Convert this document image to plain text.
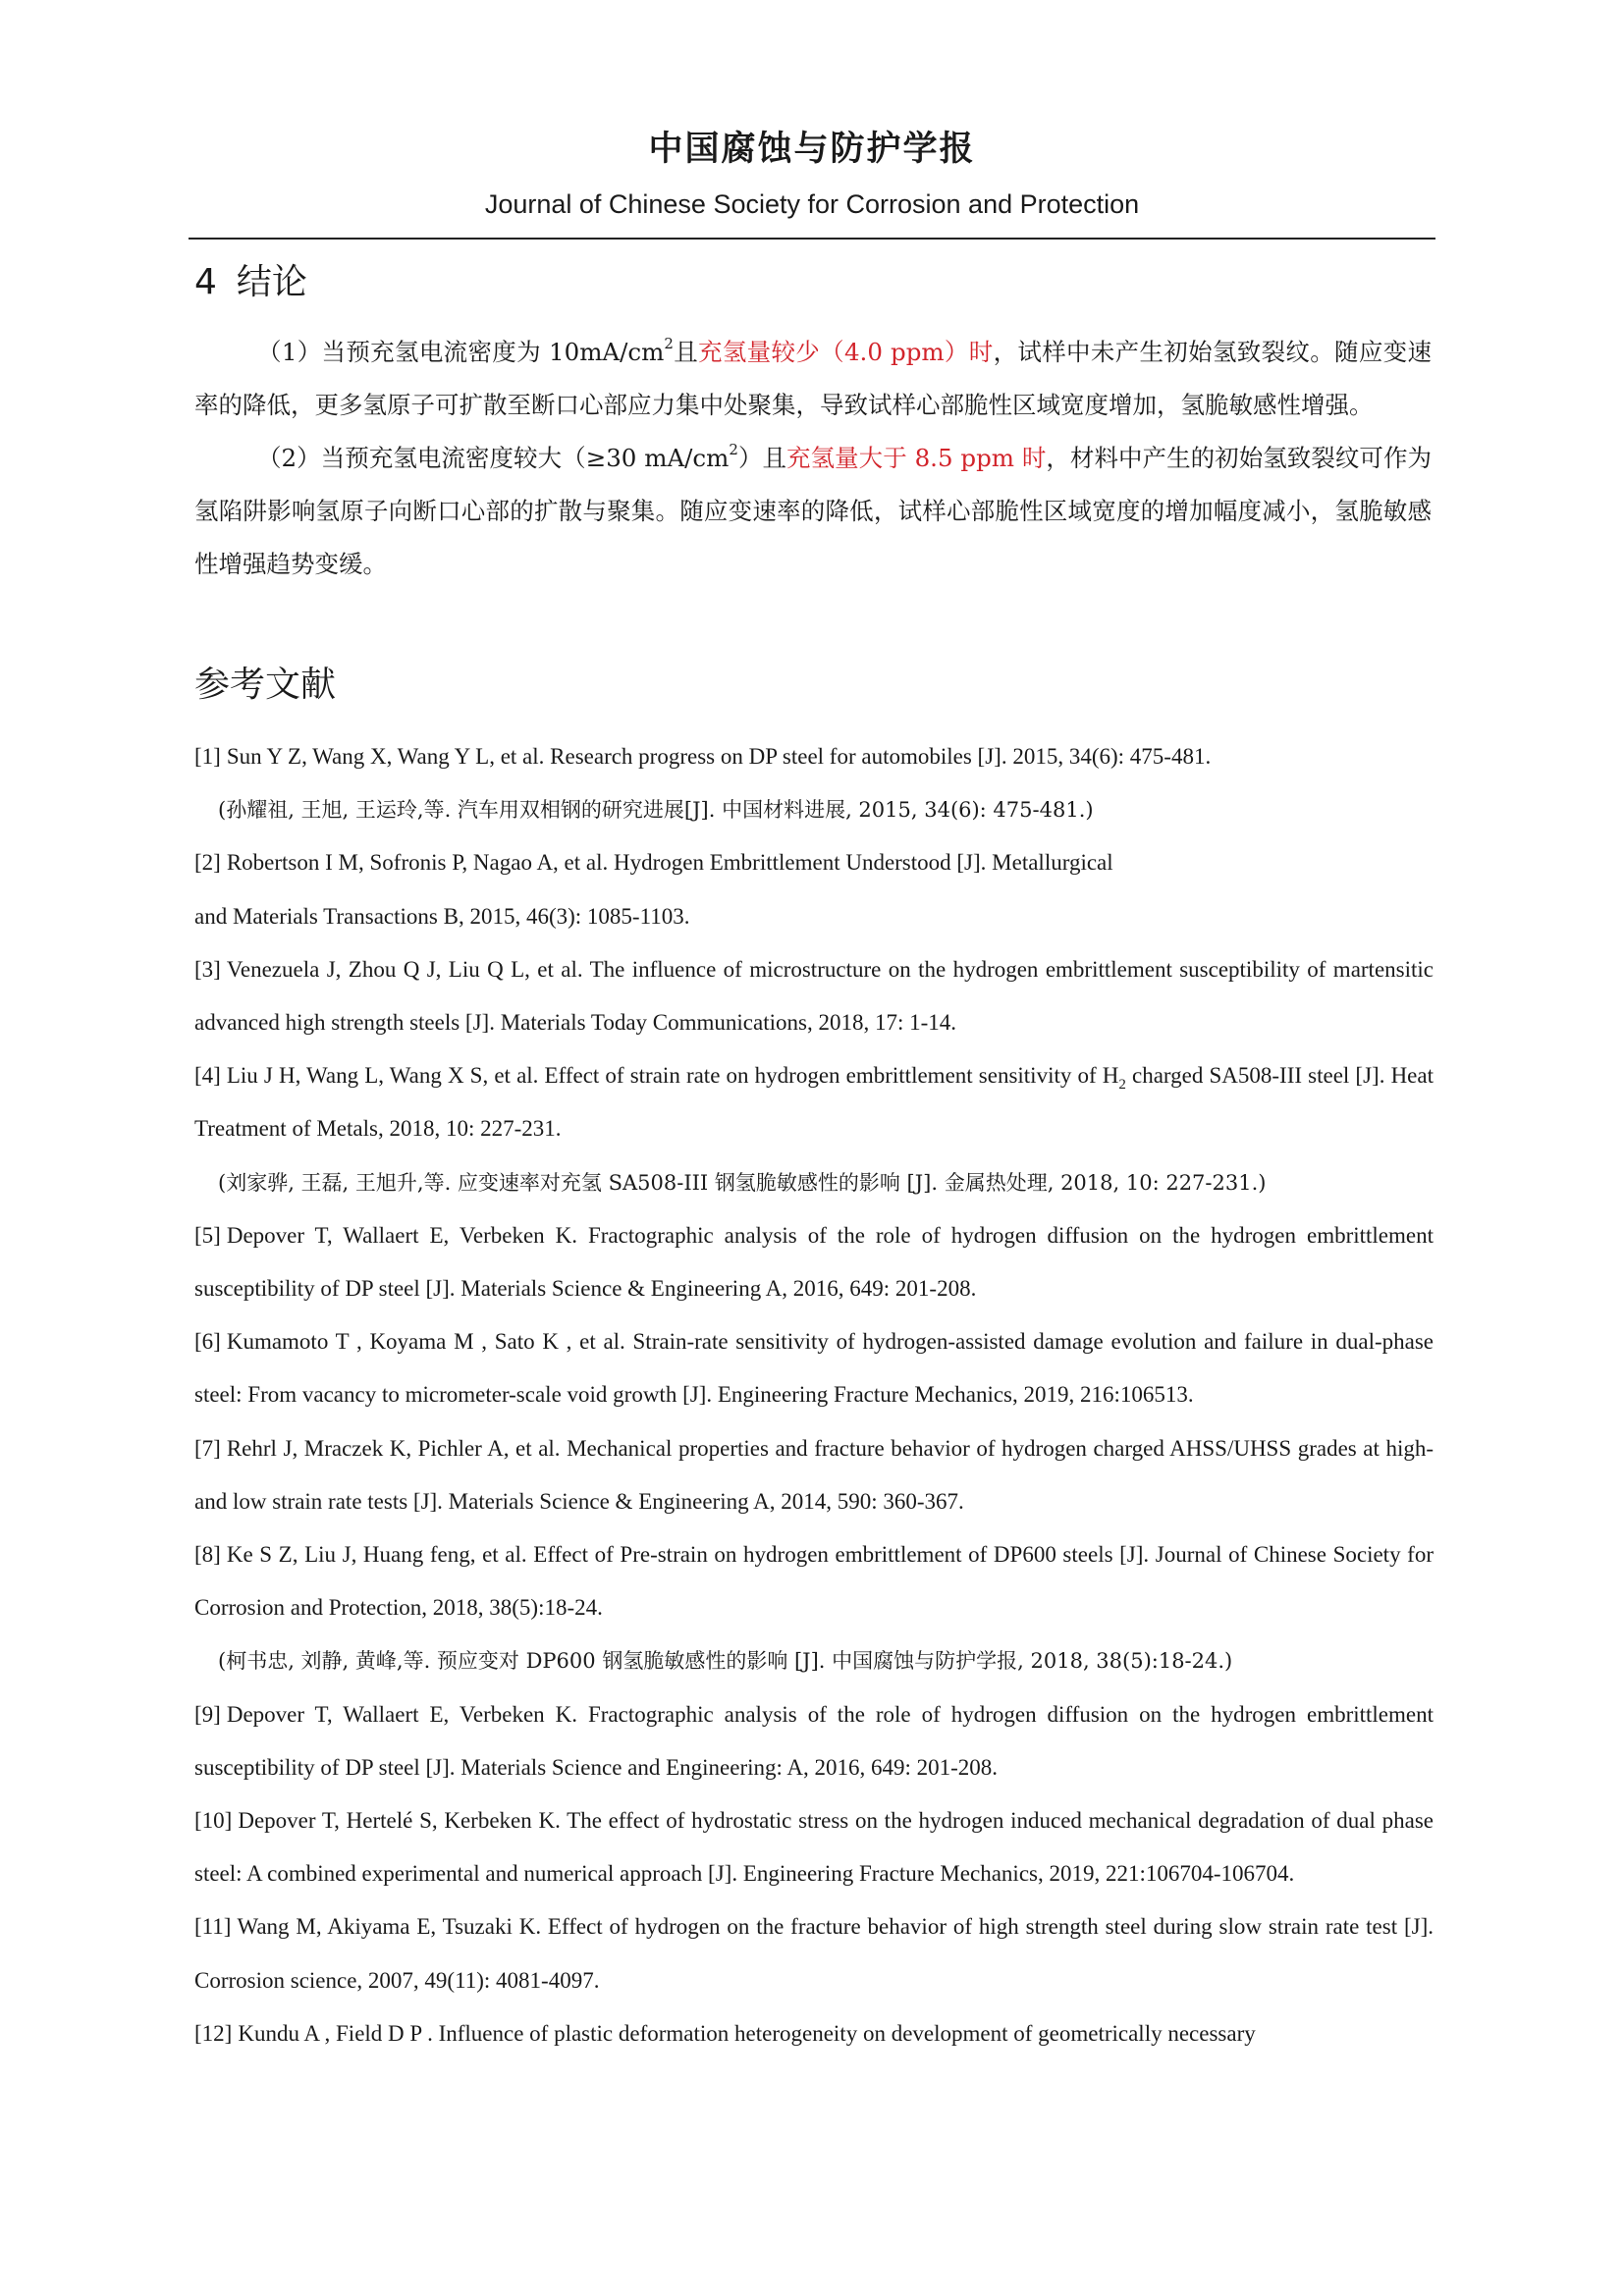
中国腐蚀与防护学报
Journal of Chinese Society for Corrosion and Protection
4 结论

（1）当预充氢电流密度为 $10mA/cm^2$且充氢量较少（4.0 ppm）时，试样中未产生初始氢致裂纹。随应变速率的降低，更多氢原子可扩散至断口心部应力集中处聚集，导致试样心部脆性区域宽度增加，氢脆敏感性增强。

（2）当预充氢电流密度较大（≥30 $mA/cm^2$）且充氢量大于 8.5 ppm 时，材料中产生的初始氢致裂纹可作为氢陷阱影响氢原子向断口心部的扩散与聚集。随应变速率的降低，试样心部脆性区域宽度的增加幅度减小，氢脆敏感性增强趋势变缓。

参考文献

[1] Sun Y Z, Wang X, Wang Y L, et al. Research progress on DP steel for automobiles [J]. 2015, 34(6): 475-481.

(孙耀祖, 王旭, 王运玲,等. 汽车用双相钢的研究进展[J]. 中国材料进展, 2015, 34(6): 475-481.)

[2] Robertson I M, Sofronis P, Nagao A, et al. Hydrogen Embrittlement Understood [J]. Metallurgical

and Materials Transactions B, 2015, 46(3): 1085-1103.

[3] Venezuela J, Zhou Q J, Liu Q L, et al. The influence of microstructure on the hydrogen embrittlement susceptibility of martensitic advanced high strength steels [J]. Materials Today Communications, 2018, 17: 1-14.

[4] Liu J H, Wang L, Wang X S, et al. Effect of strain rate on hydrogen embrittlement sensitivity of $H_2$ charged SA508-III steel [J]. Heat Treatment of Metals, 2018, 10: 227-231.

(刘家骅, 王磊, 王旭升,等. 应变速率对充氢 SA508-III 钢氢脆敏感性的影响 [J]. 金属热处理, 2018, 10: 227-231.)

[5] Depover T, Wallaert E, Verbeken K. Fractographic analysis of the role of hydrogen diffusion on the hydrogen embrittlement susceptibility of DP steel [J]. Materials Science & Engineering A, 2016, 649: 201-208.

[6] Kumamoto T , Koyama M , Sato K , et al. Strain-rate sensitivity of hydrogen-assisted damage evolution and failure in dual-phase steel: From vacancy to micrometer-scale void growth [J]. Engineering Fracture Mechanics, 2019, 216:106513.

[7] Rehrl J, Mraczek K, Pichler A, et al. Mechanical properties and fracture behavior of hydrogen charged AHSS/UHSS grades at high- and low strain rate tests [J]. Materials Science & Engineering A, 2014, 590: 360-367.

[8] Ke S Z, Liu J, Huang feng, et al. Effect of Pre-strain on hydrogen embrittlement of DP600 steels [J]. Journal of Chinese Society for Corrosion and Protection, 2018, 38(5):18-24.

(柯书忠, 刘静, 黄峰,等. 预应变对 DP600 钢氢脆敏感性的影响 [J]. 中国腐蚀与防护学报, 2018, 38(5):18-24.)

[9] Depover T, Wallaert E, Verbeken K. Fractographic analysis of the role of hydrogen diffusion on the hydrogen embrittlement susceptibility of DP steel [J]. Materials Science and Engineering: A, 2016, 649: 201-208.

[10] Depover T, Hertelé S, Kerbeken K. The effect of hydrostatic stress on the hydrogen induced mechanical degradation of dual phase steel: A combined experimental and numerical approach [J]. Engineering Fracture Mechanics, 2019, 221:106704-106704.

[11] Wang M, Akiyama E, Tsuzaki K. Effect of hydrogen on the fracture behavior of high strength steel during slow strain rate test [J]. Corrosion science, 2007, 49(11): 4081-4097.

[12] Kundu A , Field D P . Influence of plastic deformation heterogeneity on development of geometrically necessary
